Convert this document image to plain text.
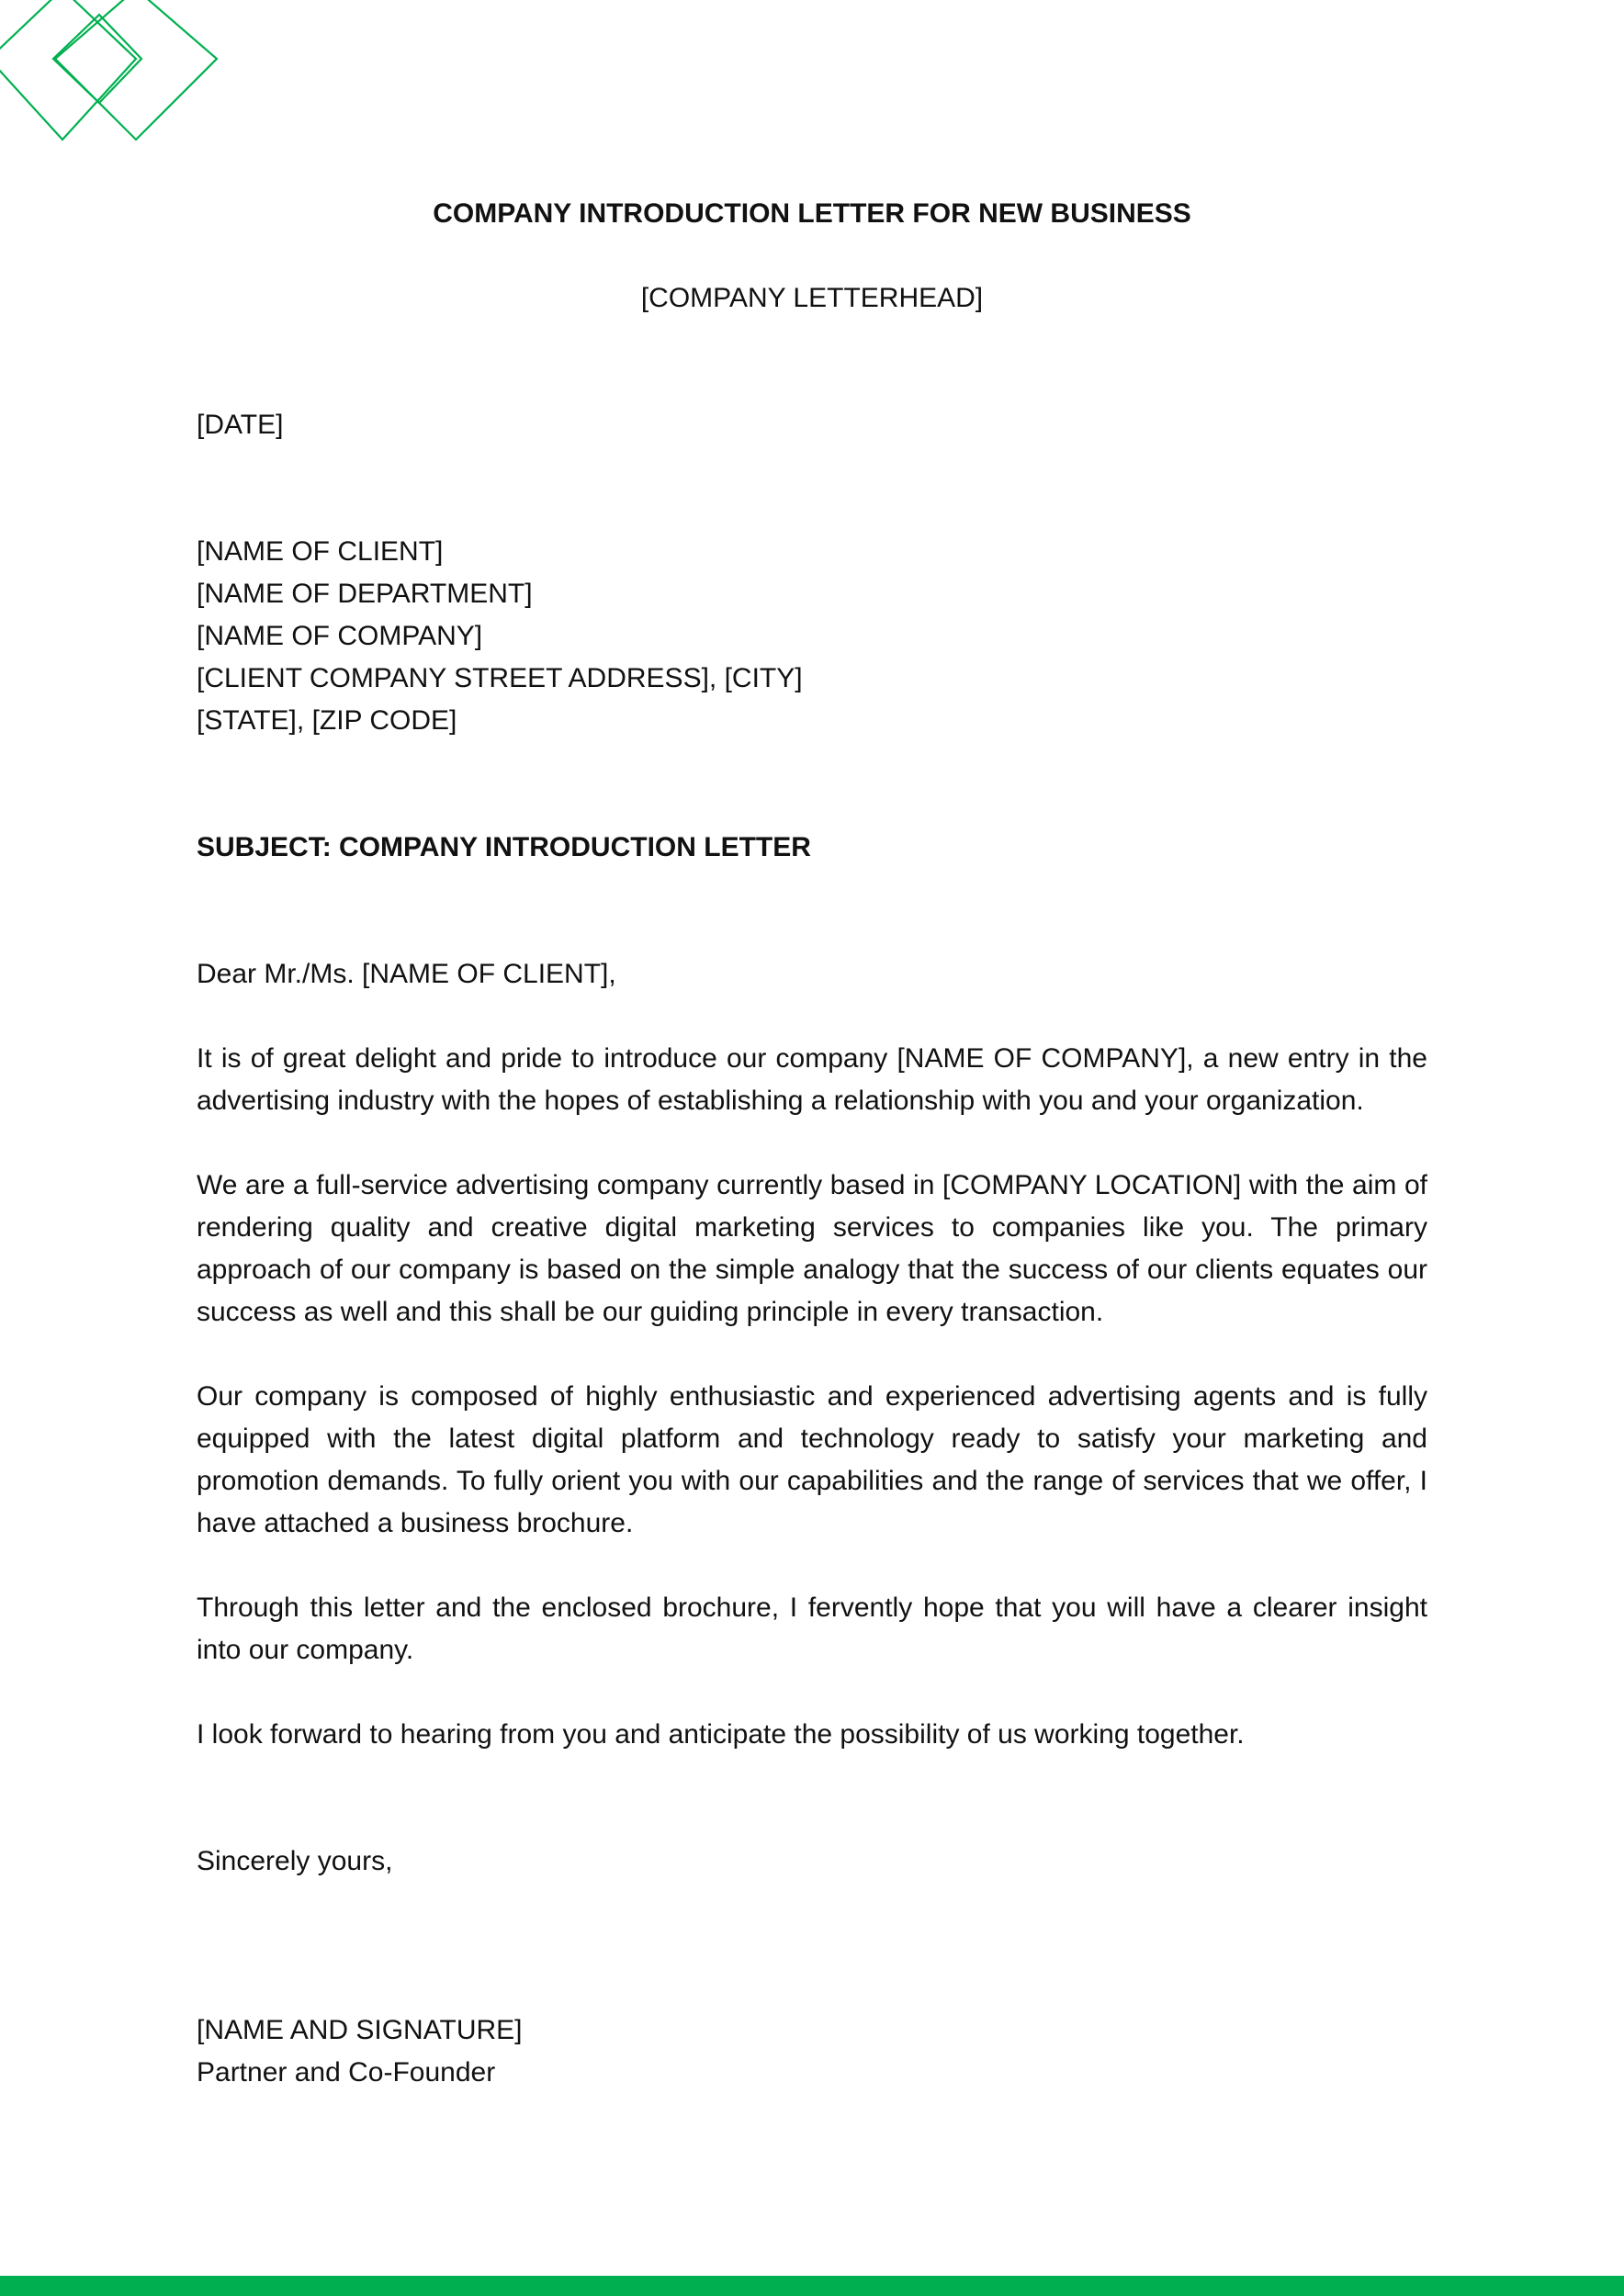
COMPANY INTRODUCTION LETTER FOR NEW BUSINESS

[COMPANY LETTERHEAD]

[DATE]

[NAME OF CLIENT]
[NAME OF DEPARTMENT]
[NAME OF COMPANY]
[CLIENT COMPANY STREET ADDRESS], [CITY]
[STATE], [ZIP CODE]

SUBJECT: COMPANY INTRODUCTION LETTER

Dear Mr./Ms. [NAME OF CLIENT],

It is of great delight and pride to introduce our company [NAME OF COMPANY], a new entry in the advertising industry with the hopes of establishing a relationship with you and your organization.

We are a full-service advertising company currently based in [COMPANY LOCATION] with the aim of rendering quality and creative digital marketing services to companies like you. The primary approach of our company is based on the simple analogy that the success of our clients equates our success as well and this shall be our guiding principle in every transaction.

Our company is composed of highly enthusiastic and experienced advertising agents and is fully equipped with the latest digital platform and technology ready to satisfy your marketing and promotion demands. To fully orient you with our capabilities and the range of services that we offer, I have attached a business brochure.

Through this letter and the enclosed brochure, I fervently hope that you will have a clearer insight into our company.

I look forward to hearing from you and anticipate the possibility of us working together.

Sincerely yours,

[NAME AND SIGNATURE]
Partner and Co-Founder
